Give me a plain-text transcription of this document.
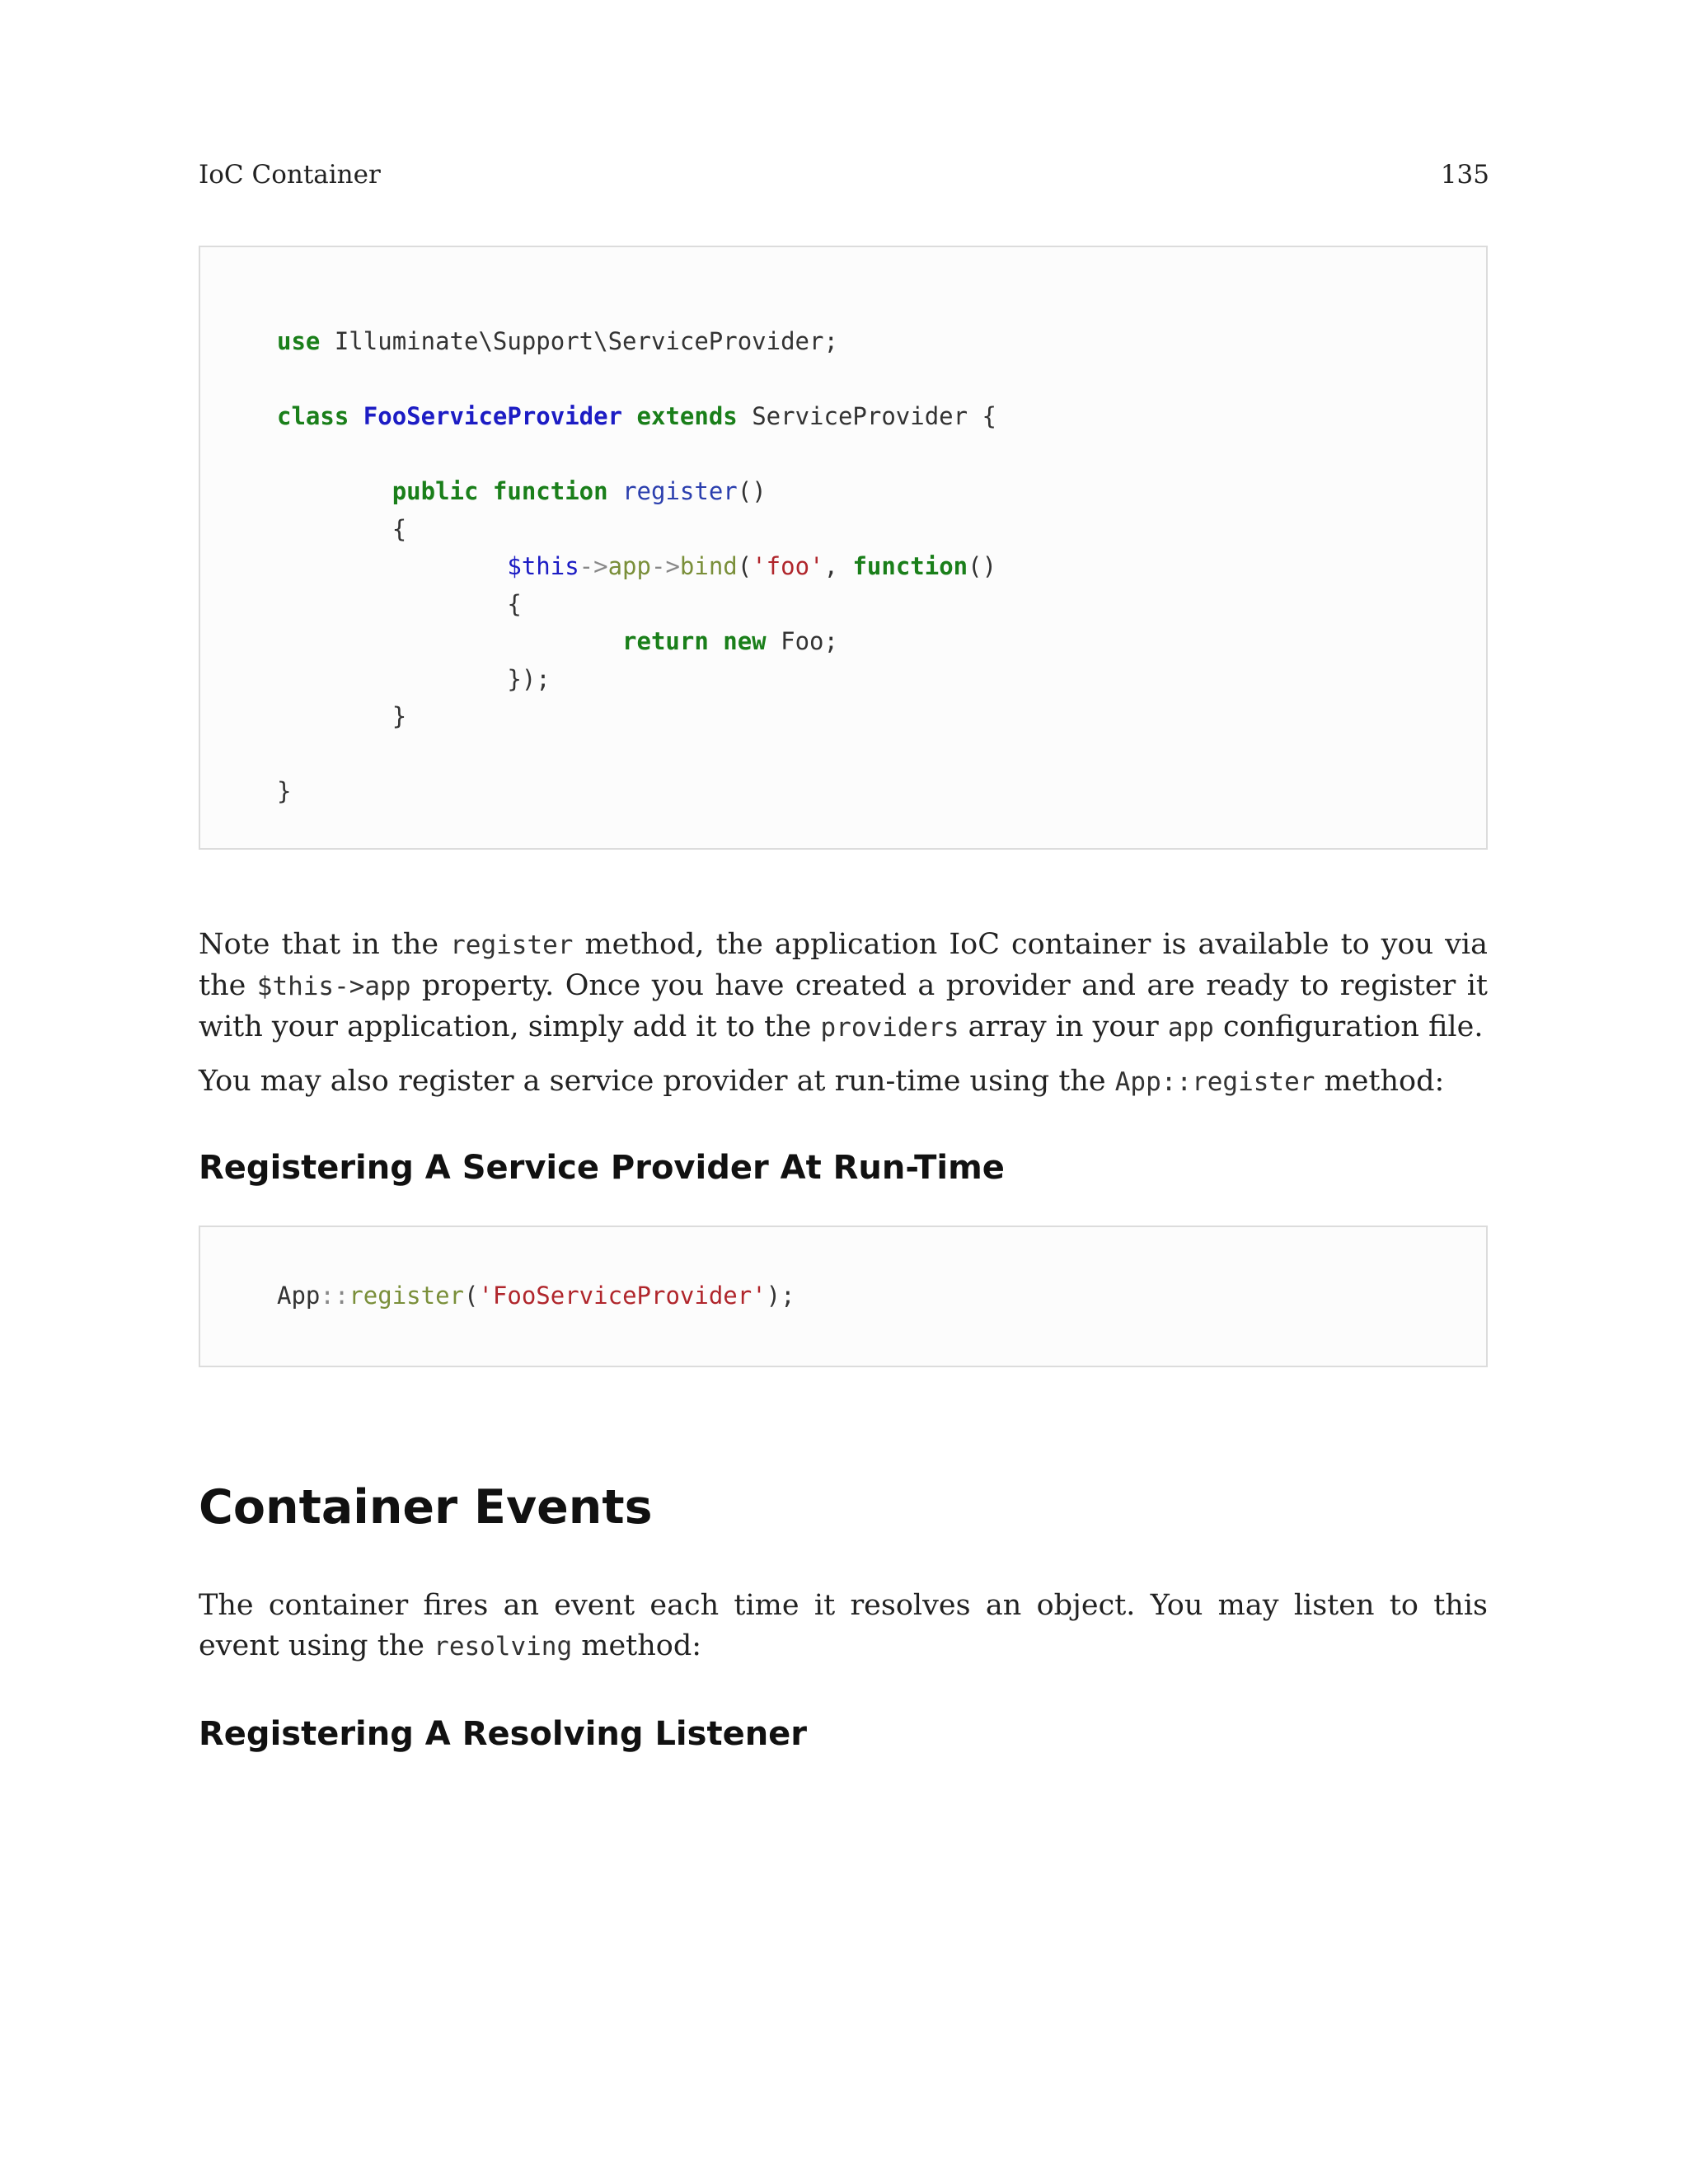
IoC Container	135
use Illuminate\Support\ServiceProvider;

class FooServiceProvider extends ServiceProvider {

public function register()
{
$this->app->bind('foo', function()
{
return new Foo;
});
}

}

Note that in the register method, the application IoC container is available to you via the $this->app property. Once you have created a provider and are ready to register it with your application, simply add it to the providers array in your app configuration file.

You may also register a service provider at run-time using the App::register method:

Registering A Service Provider At Run-Time
App::register('FooServiceProvider');
Container Events

The container fires an event each time it resolves an object. You may listen to this event using the resolving method:

Registering A Resolving Listener
